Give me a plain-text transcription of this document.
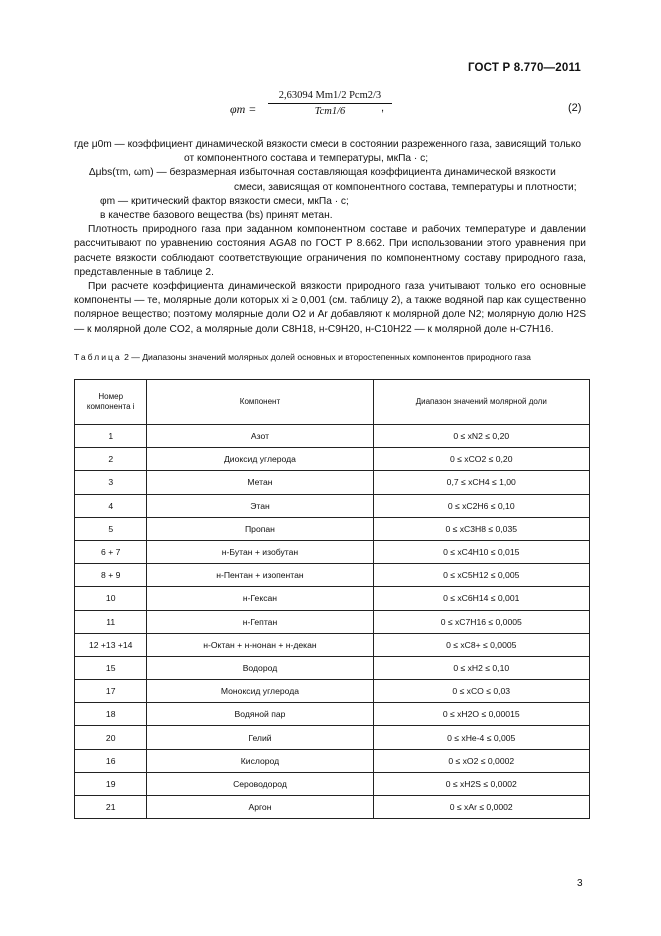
ГОСТ Р 8.770—2011
φm =
2,63094 Mm1/2 Pcm2/3
Tcm1/6	,	(2)
где μ0m — коэффициент динамической вязкости смеси в состоянии разреженного газа, зависящий только от компонентного состава и температуры, мкПа · с;
Δμbs(τm, ωm) — безразмерная избыточная составляющая коэффициента динамической вязкости смеси, зависящая от компонентного состава, температуры и плотности;
φm — критический фактор вязкости смеси, мкПа · с;
в качестве базового вещества (bs) принят метан.

Плотность природного газа при заданном компонентном составе и рабочих температуре и давлении рассчитывают по уравнению состояния AGA8 по ГОСТ Р 8.662. При использовании этого уравнения при расчете вязкости соблюдают соответствующие ограничения по компонентному составу природного газа, представленные в таблице 2.

При расчете коэффициента динамической вязкости природного газа учитывают только его основные компоненты — те, молярные доли которых xi ≥ 0,001 (см. таблицу 2), а также водяной пар как существенно полярное вещество; поэтому молярные доли O2 и Ar добавляют к молярной доле N2; молярную долю H2S — к молярной доле CO2, а молярные доли C8H18, н-C9H20, н-C10H22 — к молярной доле н-C7H16.

Таблица 2 — Диапазоны значений молярных долей основных и второстепенных компонентов природного газа
Номер компонента i	Компонент	Диапазон значений молярной доли
1	Азот	0 ≤ xN2 ≤ 0,20
2	Диоксид углерода	0 ≤ xCO2 ≤ 0,20
3	Метан	0,7 ≤ xCH4 ≤ 1,00
4	Этан	0 ≤ xC2H6 ≤ 0,10
5	Пропан	0 ≤ xC3H8 ≤ 0,035
6 + 7	н-Бутан + изобутан	0 ≤ xC4H10 ≤ 0,015
8 + 9	н-Пентан + изопентан	0 ≤ xC5H12 ≤ 0,005
10	н-Гексан	0 ≤ xC6H14 ≤ 0,001
11	н-Гептан	0 ≤ xC7H16 ≤ 0,0005
12 +13 +14	н-Октан + н-нонан + н-декан	0 ≤ xC8+ ≤ 0,0005
15	Водород	0 ≤ xH2 ≤ 0,10
17	Моноксид углерода	0 ≤ xCO ≤ 0,03
18	Водяной пар	0 ≤ xH2O ≤ 0,00015
20	Гелий	0 ≤ xHe-4 ≤ 0,005
16	Кислород	0 ≤ xO2 ≤ 0,0002
19	Сероводород	0 ≤ xH2S ≤ 0,0002
21	Аргон	0 ≤ xAr ≤ 0,0002
3
